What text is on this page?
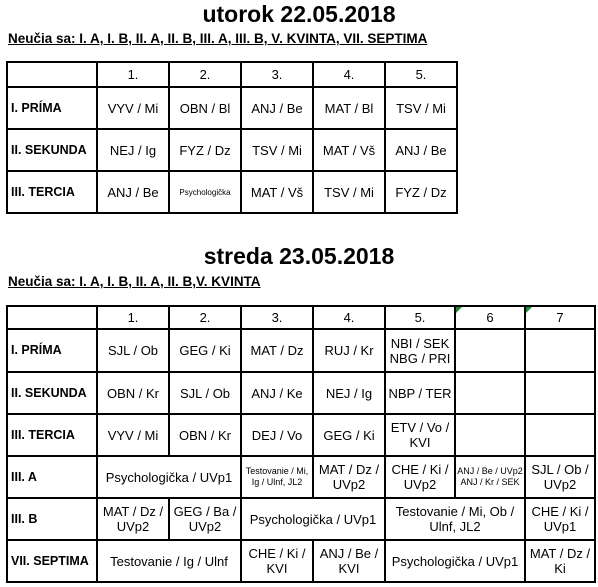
utorok 22.05.2018
Neučia sa: I. A, I. B, II. A, II. B, III. A, III. B, V. KVINTA, VII. SEPTIMA
	1.	2.	3.	4.	5.
I. PRÍMA	VYV / Mi	OBN / Bl	ANJ / Be	MAT / Bl	TSV / Mi
II. SEKUNDA	NEJ / Ig	FYZ / Dz	TSV / Mi	MAT / Vš	ANJ / Be
III. TERCIA	ANJ / Be	Psychologička	MAT / Vš	TSV / Mi	FYZ / Dz
streda 23.05.2018
Neučia sa: I. A, I. B, II. A, II. B,V. KVINTA
	1.	2.	3.	4.	5.	6	7
I. PRÍMA	SJL / Ob	GEG / Ki	MAT / Dz	RUJ / Kr	NBI / SEK NBG / PRI		
II. SEKUNDA	OBN / Kr	SJL / Ob	ANJ / Ke	NEJ / Ig	NBP / TER		
III. TERCIA	VYV / Mi	OBN / Kr	DEJ / Vo	GEG / Ki	ETV / Vo / KVI		
III. A	Psychologička / UVp1		Testovanie / Mi, Ig / Ulnf, JL2	MAT / Dz / UVp2	CHE / Ki / UVp2	ANJ / Be / UVp2 ANJ / Kr / SEK	SJL / Ob / UVp2
III. B	MAT / Dz / UVp2	GEG / Ba / UVp2	Psychologička / UVp1		Testovanie / Mi, Ob / Ulnf, JL2		CHE / Ki / UVp1
VII. SEPTIMA	Testovanie / Ig / Ulnf		CHE / Ki / KVI	ANJ / Be / KVI	Psychologička / UVp1		MAT / Dz / Ki
